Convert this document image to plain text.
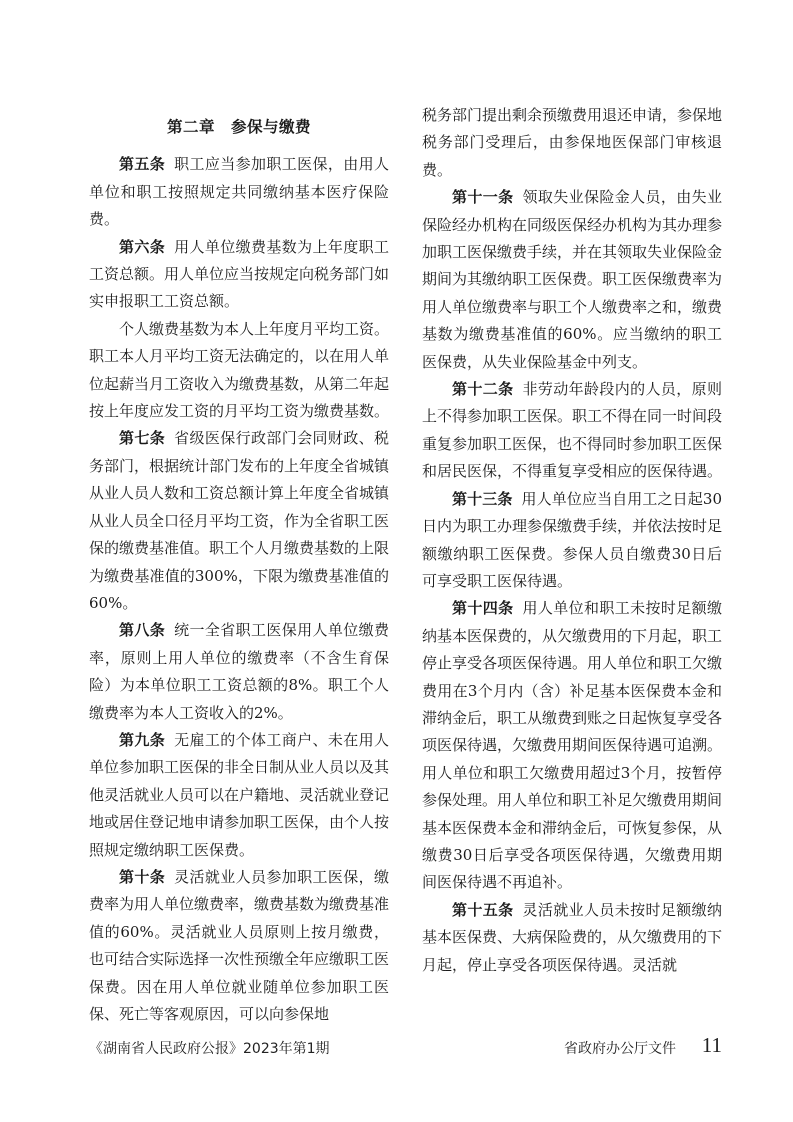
第二章　参保与缴费

第五条 职工应当参加职工医保，由用人单位和职工按照规定共同缴纳基本医疗保险费。

第六条 用人单位缴费基数为上年度职工工资总额。用人单位应当按规定向税务部门如实申报职工工资总额。

个人缴费基数为本人上年度月平均工资。职工本人月平均工资无法确定的，以在用人单位起薪当月工资收入为缴费基数，从第二年起按上年度应发工资的月平均工资为缴费基数。

第七条 省级医保行政部门会同财政、税务部门，根据统计部门发布的上年度全省城镇从业人员人数和工资总额计算上年度全省城镇从业人员全口径月平均工资，作为全省职工医保的缴费基准值。职工个人月缴费基数的上限为缴费基准值的300%，下限为缴费基准值的60%。

第八条 统一全省职工医保用人单位缴费率，原则上用人单位的缴费率（不含生育保险）为本单位职工工资总额的8%。职工个人缴费率为本人工资收入的2%。

第九条 无雇工的个体工商户、未在用人单位参加职工医保的非全日制从业人员以及其他灵活就业人员可以在户籍地、灵活就业登记地或居住登记地申请参加职工医保，由个人按照规定缴纳职工医保费。

第十条 灵活就业人员参加职工医保，缴费率为用人单位缴费率，缴费基数为缴费基准值的60%。灵活就业人员原则上按月缴费，也可结合实际选择一次性预缴全年应缴职工医保费。因在用人单位就业随单位参加职工医保、死亡等客观原因，可以向参保地

税务部门提出剩余预缴费用退还申请，参保地税务部门受理后，由参保地医保部门审核退费。

第十一条 领取失业保险金人员，由失业保险经办机构在同级医保经办机构为其办理参加职工医保缴费手续，并在其领取失业保险金期间为其缴纳职工医保费。职工医保缴费率为用人单位缴费率与职工个人缴费率之和，缴费基数为缴费基准值的60%。应当缴纳的职工医保费，从失业保险基金中列支。

第十二条 非劳动年龄段内的人员，原则上不得参加职工医保。职工不得在同一时间段重复参加职工医保，也不得同时参加职工医保和居民医保，不得重复享受相应的医保待遇。

第十三条 用人单位应当自用工之日起30日内为职工办理参保缴费手续，并依法按时足额缴纳职工医保费。参保人员自缴费30日后可享受职工医保待遇。

第十四条 用人单位和职工未按时足额缴纳基本医保费的，从欠缴费用的下月起，职工停止享受各项医保待遇。用人单位和职工欠缴费用在3个月内（含）补足基本医保费本金和滞纳金后，职工从缴费到账之日起恢复享受各项医保待遇，欠缴费用期间医保待遇可追溯。用人单位和职工欠缴费用超过3个月，按暂停参保处理。用人单位和职工补足欠缴费用期间基本医保费本金和滞纳金后，可恢复参保，从缴费30日后享受各项医保待遇，欠缴费用期间医保待遇不再追补。

第十五条 灵活就业人员未按时足额缴纳基本医保费、大病保险费的，从欠缴费用的下月起，停止享受各项医保待遇。灵活就

《湖南省人民政府公报》2023年第1期	省政府办公厅文件 11
